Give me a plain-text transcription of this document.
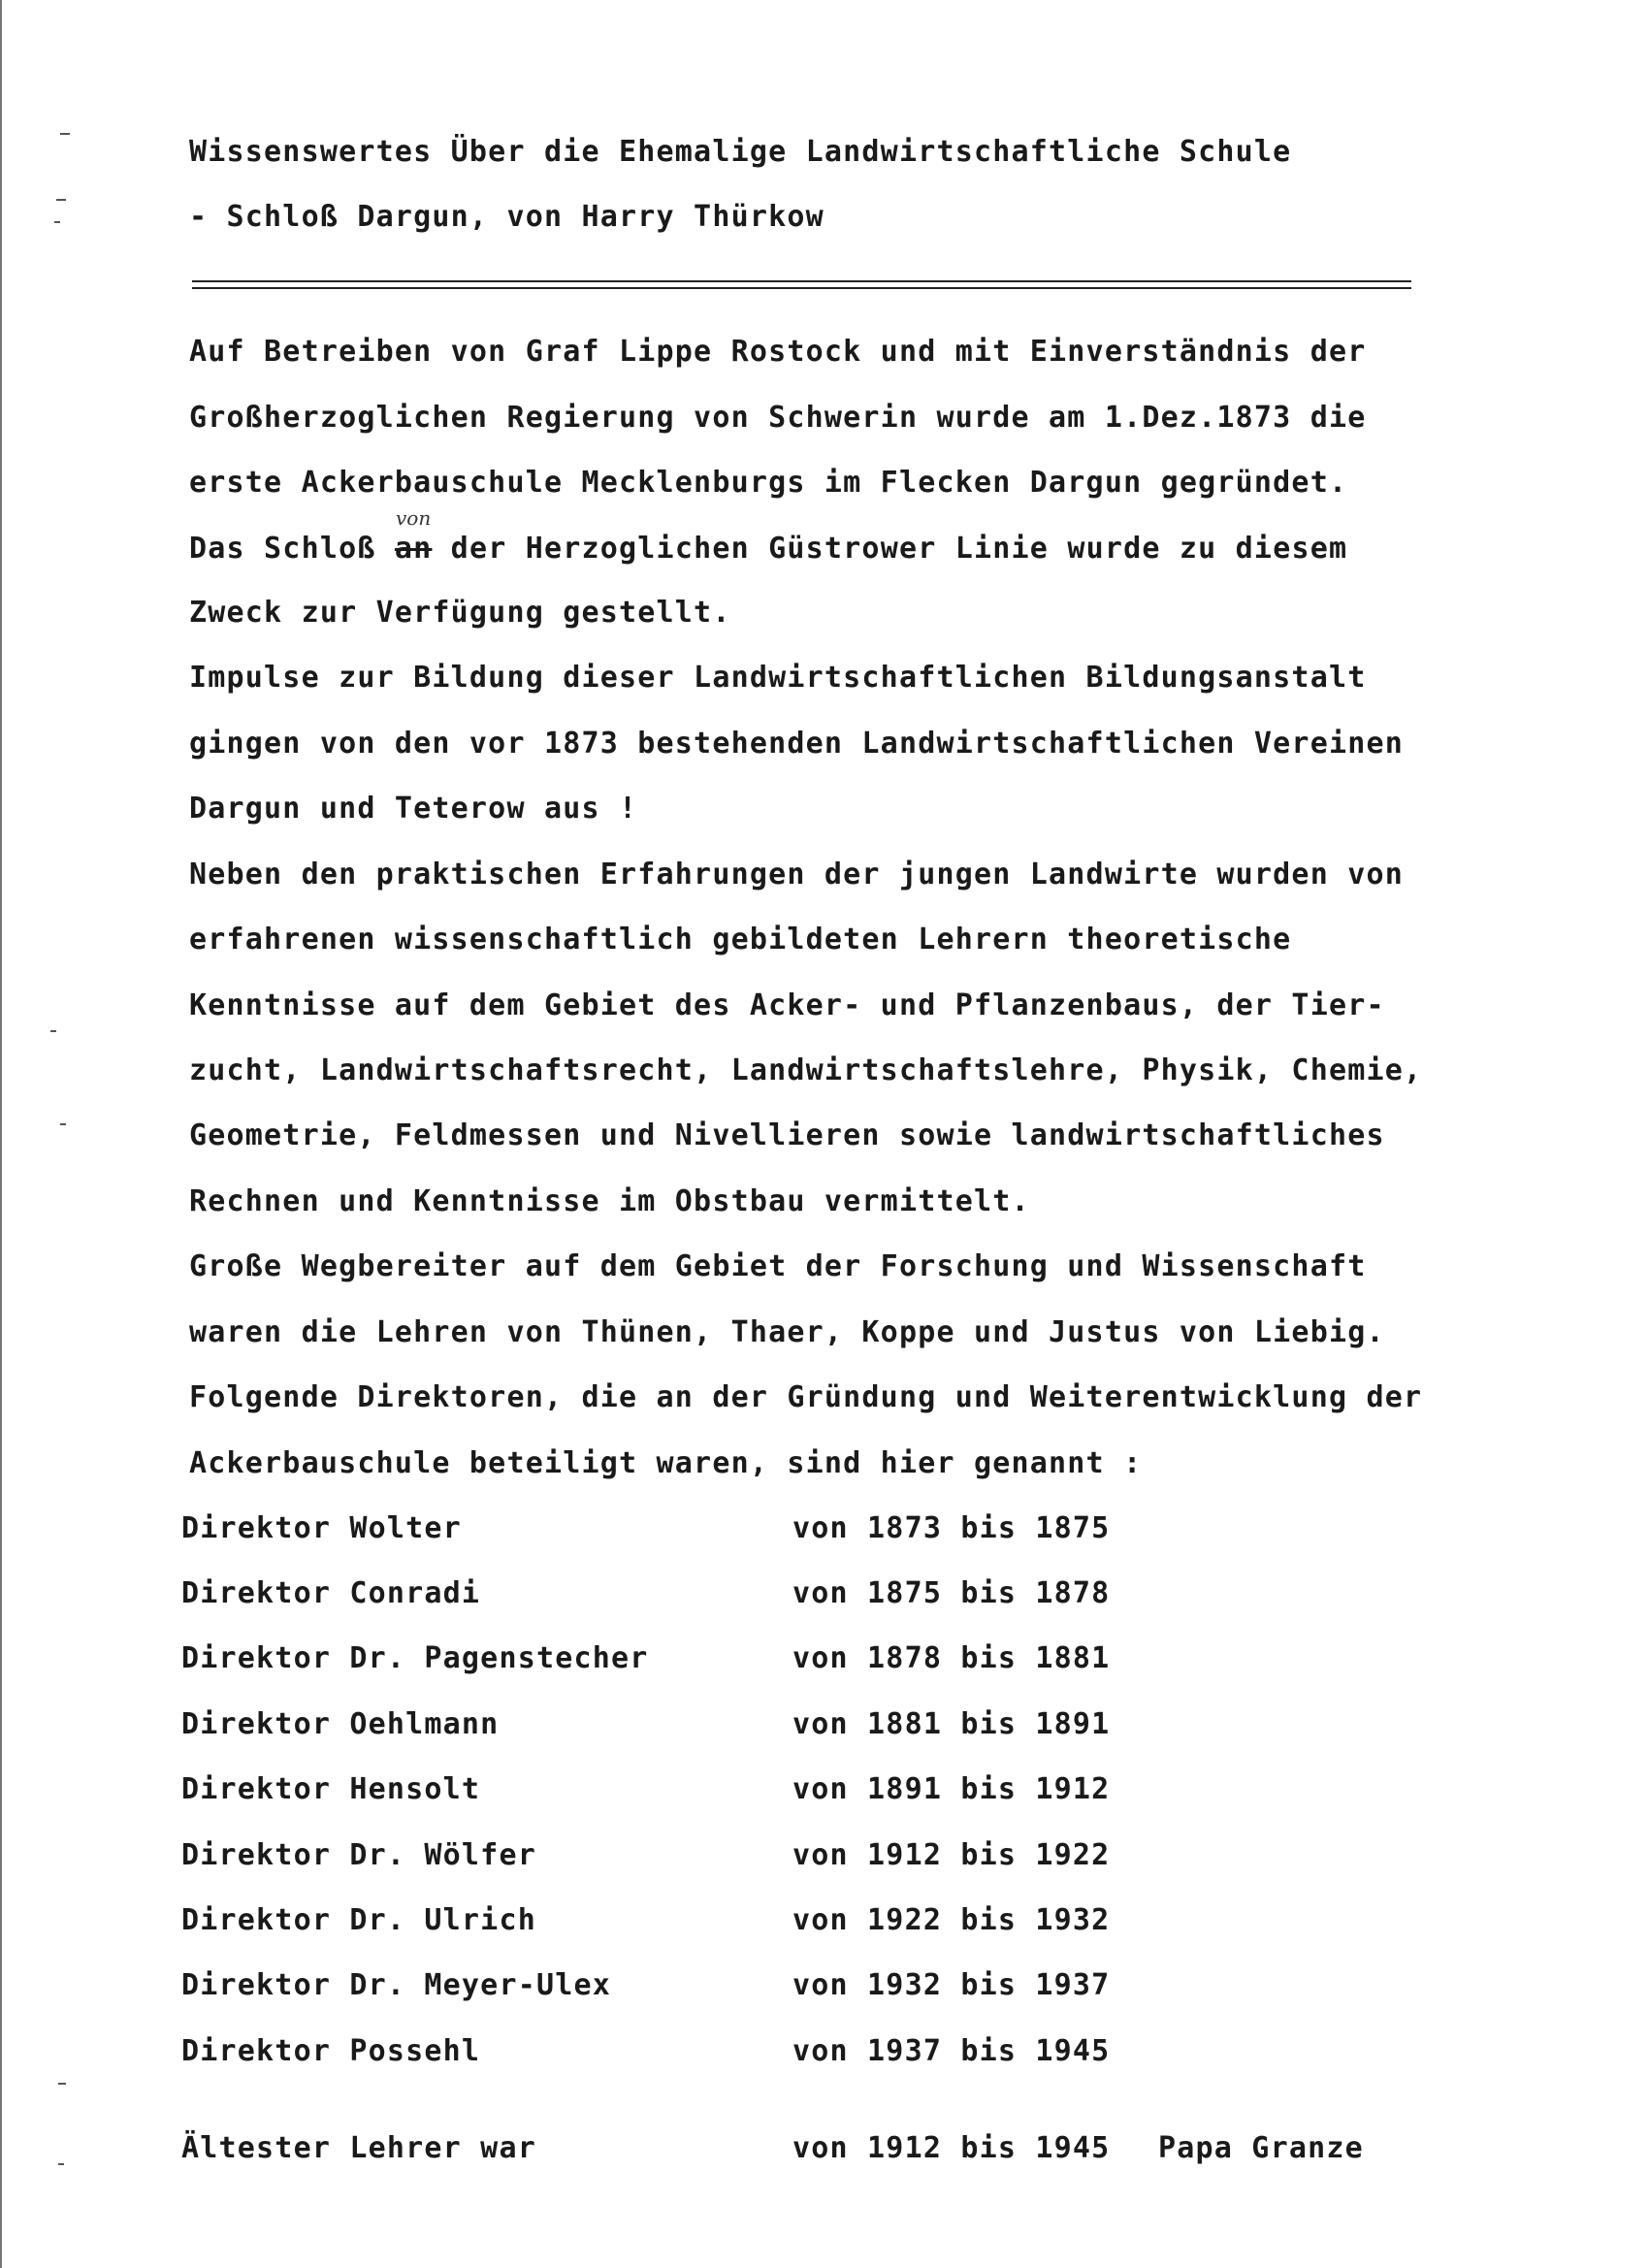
Wissenswertes Über die Ehemalige Landwirtschaftliche Schule
- Schloß Dargun, von Harry Thürkow
Auf Betreiben von Graf Lippe Rostock und mit Einverständnis der
Großherzoglichen Regierung von Schwerin wurde am 1.Dez.1873 die
erste Ackerbauschule Mecklenburgs im Flecken Dargun gegründet.
Das Schloß an der Herzoglichen Güstrower Linie wurde zu diesem
von
Zweck zur Verfügung gestellt.
Impulse zur Bildung dieser Landwirtschaftlichen Bildungsanstalt
gingen von den vor 1873 bestehenden Landwirtschaftlichen Vereinen
Dargun und Teterow aus !
Neben den praktischen Erfahrungen der jungen Landwirte wurden von
erfahrenen wissenschaftlich gebildeten Lehrern theoretische
Kenntnisse auf dem Gebiet des Acker- und Pflanzenbaus, der Tier-
zucht, Landwirtschaftsrecht, Landwirtschaftslehre, Physik, Chemie,
Geometrie, Feldmessen und Nivellieren sowie landwirtschaftliches
Rechnen und Kenntnisse im Obstbau vermittelt.
Große Wegbereiter auf dem Gebiet der Forschung und Wissenschaft
waren die Lehren von Thünen, Thaer, Koppe und Justus von Liebig.
Folgende Direktoren, die an der Gründung und Weiterentwicklung der
Ackerbauschule beteiligt waren, sind hier genannt :
Direktor Wolter	von 1873 bis 1875
Direktor Conradi	von 1875 bis 1878
Direktor Dr. Pagenstecher	von 1878 bis 1881
Direktor Oehlmann	von 1881 bis 1891
Direktor Hensolt	von 1891 bis 1912
Direktor Dr. Wölfer	von 1912 bis 1922
Direktor Dr. Ulrich	von 1922 bis 1932
Direktor Dr. Meyer-Ulex	von 1932 bis 1937
Direktor Possehl	von 1937 bis 1945
Ältester Lehrer war	von 1912 bis 1945 Papa Granze
